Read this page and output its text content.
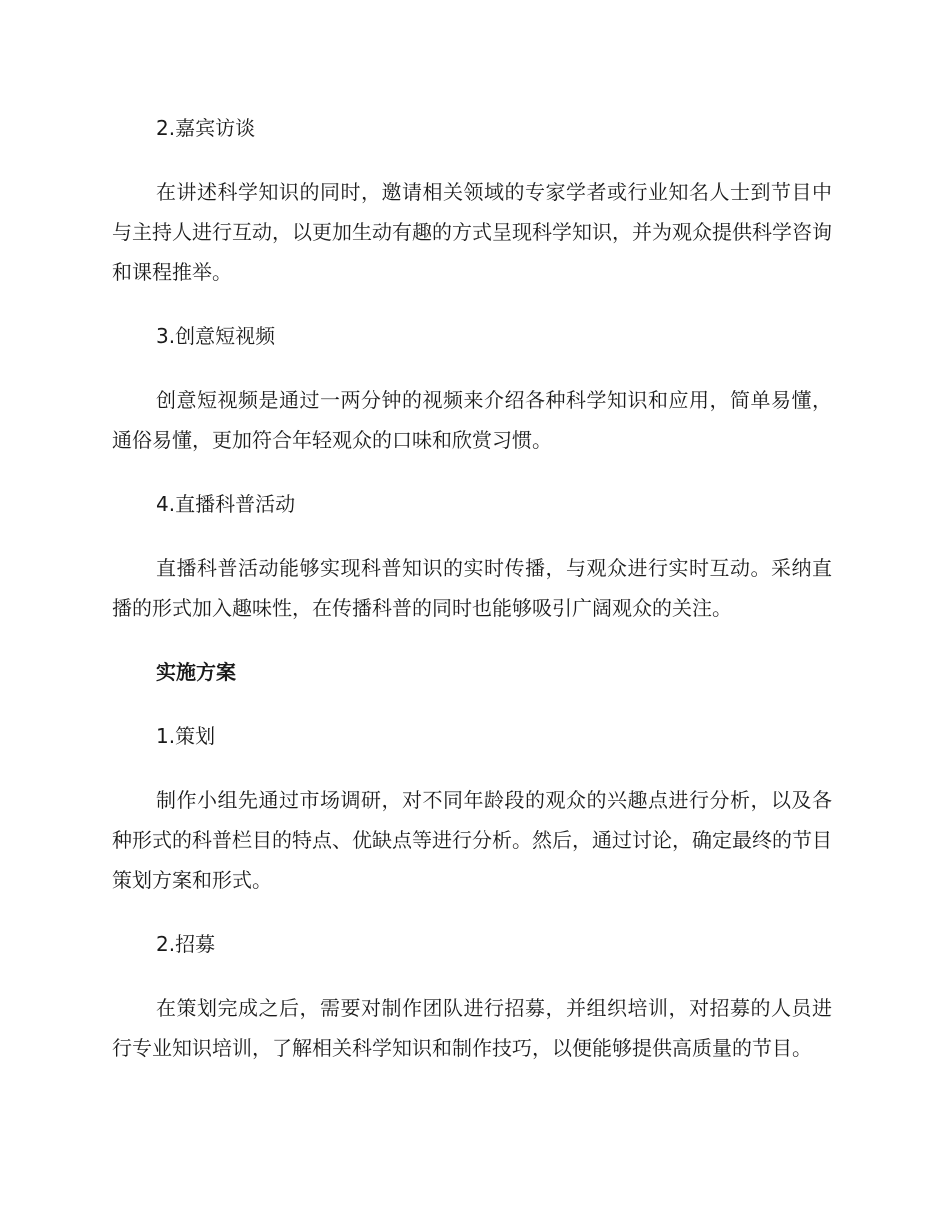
2.嘉宾访谈

在讲述科学知识的同时，邀请相关领域的专家学者或行业知名人士到节目中与主持人进行互动，以更加生动有趣的方式呈现科学知识，并为观众提供科学咨询和课程推举。

3.创意短视频

创意短视频是通过一两分钟的视频来介绍各种科学知识和应用，简单易懂，通俗易懂，更加符合年轻观众的口味和欣赏习惯。

4.直播科普活动

直播科普活动能够实现科普知识的实时传播，与观众进行实时互动。采纳直播的形式加入趣味性，在传播科普的同时也能够吸引广阔观众的关注。

实施方案

1.策划

制作小组先通过市场调研，对不同年龄段的观众的兴趣点进行分析，以及各种形式的科普栏目的特点、优缺点等进行分析。然后，通过讨论，确定最终的节目策划方案和形式。

2.招募

在策划完成之后，需要对制作团队进行招募，并组织培训，对招募的人员进行专业知识培训，了解相关科学知识和制作技巧，以便能够提供高质量的节目。
